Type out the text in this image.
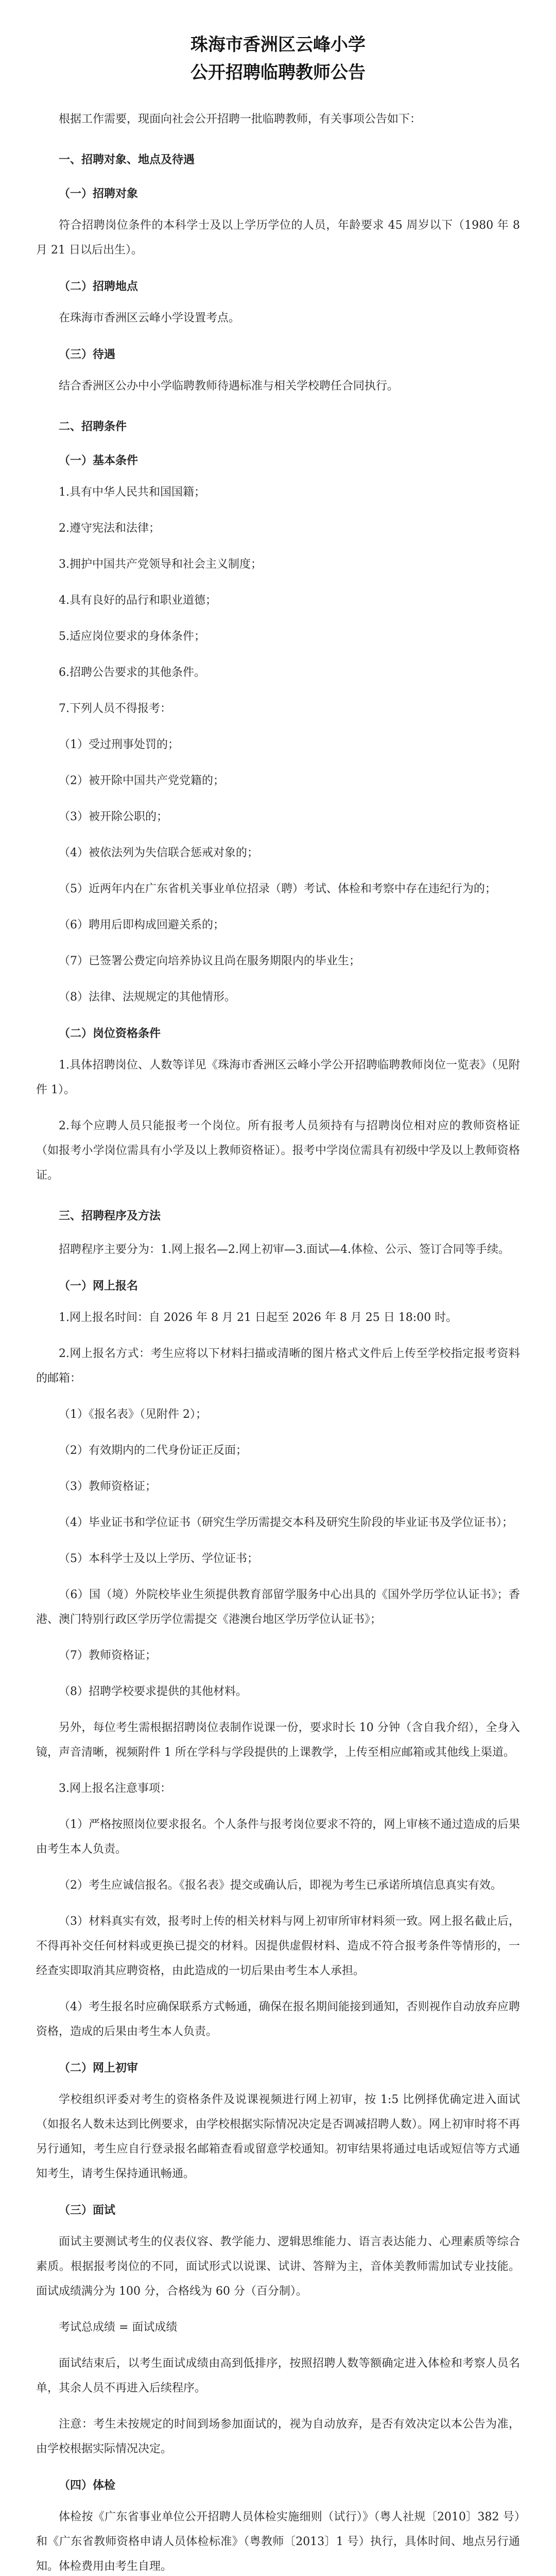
珠海市香洲区云峰小学
公开招聘临聘教师公告
根据工作需要，现面向社会公开招聘一批临聘教师，有关事项公告如下：
一、招聘对象、地点及待遇
（一）招聘对象
符合招聘岗位条件的本科学士及以上学历学位的人员，年龄要求 45 周岁以下（1980 年 8 月 21 日以后出生）。
（二）招聘地点
在珠海市香洲区云峰小学设置考点。
（三）待遇
结合香洲区公办中小学临聘教师待遇标准与相关学校聘任合同执行。
二、招聘条件
（一）基本条件
1.具有中华人民共和国国籍；
2.遵守宪法和法律；
3.拥护中国共产党领导和社会主义制度；
4.具有良好的品行和职业道德；
5.适应岗位要求的身体条件；
6.招聘公告要求的其他条件。
7.下列人员不得报考：
（1）受过刑事处罚的；
（2）被开除中国共产党党籍的；
（3）被开除公职的；
（4）被依法列为失信联合惩戒对象的；
（5）近两年内在广东省机关事业单位招录（聘）考试、体检和考察中存在违纪行为的；
（6）聘用后即构成回避关系的；
（7）已签署公费定向培养协议且尚在服务期限内的毕业生；
（8）法律、法规规定的其他情形。
（二）岗位资格条件
1.具体招聘岗位、人数等详见《珠海市香洲区云峰小学公开招聘临聘教师岗位一览表》（见附件 1）。
2.每个应聘人员只能报考一个岗位。所有报考人员须持有与招聘岗位相对应的教师资格证（如报考小学岗位需具有小学及以上教师资格证）。报考中学岗位需具有初级中学及以上教师资格证。
三、招聘程序及方法
招聘程序主要分为：1.网上报名—2.网上初审—3.面试—4.体检、公示、签订合同等手续。
（一）网上报名
1.网上报名时间：自 2026 年 8 月 21 日起至 2026 年 8 月 25 日 18:00 时。
2.网上报名方式：考生应将以下材料扫描或清晰的图片格式文件后上传至学校指定报考资料的邮箱：
（1）《报名表》（见附件 2）；
（2）有效期内的二代身份证正反面；
（3）教师资格证；
（4）毕业证书和学位证书（研究生学历需提交本科及研究生阶段的毕业证书及学位证书）；
（5）本科学士及以上学历、学位证书；
（6）国（境）外院校毕业生须提供教育部留学服务中心出具的《国外学历学位认证书》；香港、澳门特别行政区学历学位需提交《港澳台地区学历学位认证书》；
（7）教师资格证；
（8）招聘学校要求提供的其他材料。
另外，每位考生需根据招聘岗位表制作说课一份，要求时长 10 分钟（含自我介绍），全身入镜，声音清晰，视频附件 1 所在学科与学段提供的上课教学，上传至相应邮箱或其他线上渠道。
3.网上报名注意事项：
（1）严格按照岗位要求报名。个人条件与报考岗位要求不符的，网上审核不通过造成的后果由考生本人负责。
（2）考生应诚信报名。《报名表》提交或确认后，即视为考生已承诺所填信息真实有效。
（3）材料真实有效，报考时上传的相关材料与网上初审所审材料须一致。网上报名截止后，不得再补交任何材料或更换已提交的材料。因提供虚假材料、造成不符合报考条件等情形的，一经查实即取消其应聘资格，由此造成的一切后果由考生本人承担。
（4）考生报名时应确保联系方式畅通，确保在报名期间能接到通知，否则视作自动放弃应聘资格，造成的后果由考生本人负责。
（二）网上初审
学校组织评委对考生的资格条件及说课视频进行网上初审，按 1:5 比例择优确定进入面试（如报名人数未达到比例要求，由学校根据实际情况决定是否调减招聘人数）。网上初审时将不再另行通知，考生应自行登录报名邮箱查看或留意学校通知。初审结果将通过电话或短信等方式通知考生，请考生保持通讯畅通。
（三）面试
面试主要测试考生的仪表仪容、教学能力、逻辑思维能力、语言表达能力、心理素质等综合素质。根据报考岗位的不同，面试形式以说课、试讲、答辩为主，音体美教师需加试专业技能。面试成绩满分为 100 分，合格线为 60 分（百分制）。
考试总成绩 = 面试成绩
面试结束后，以考生面试成绩由高到低排序，按照招聘人数等额确定进入体检和考察人员名单，其余人员不再进入后续程序。
注意：考生未按规定的时间到场参加面试的，视为自动放弃，是否有效决定以本公告为准，由学校根据实际情况决定。
（四）体检
体检按《广东省事业单位公开招聘人员体检实施细则（试行）》（粤人社规〔2010〕382 号）和《广东省教师资格申请人员体检标准》（粤教师〔2013〕1 号）执行，具体时间、地点另行通知。体检费用由考生自理。
